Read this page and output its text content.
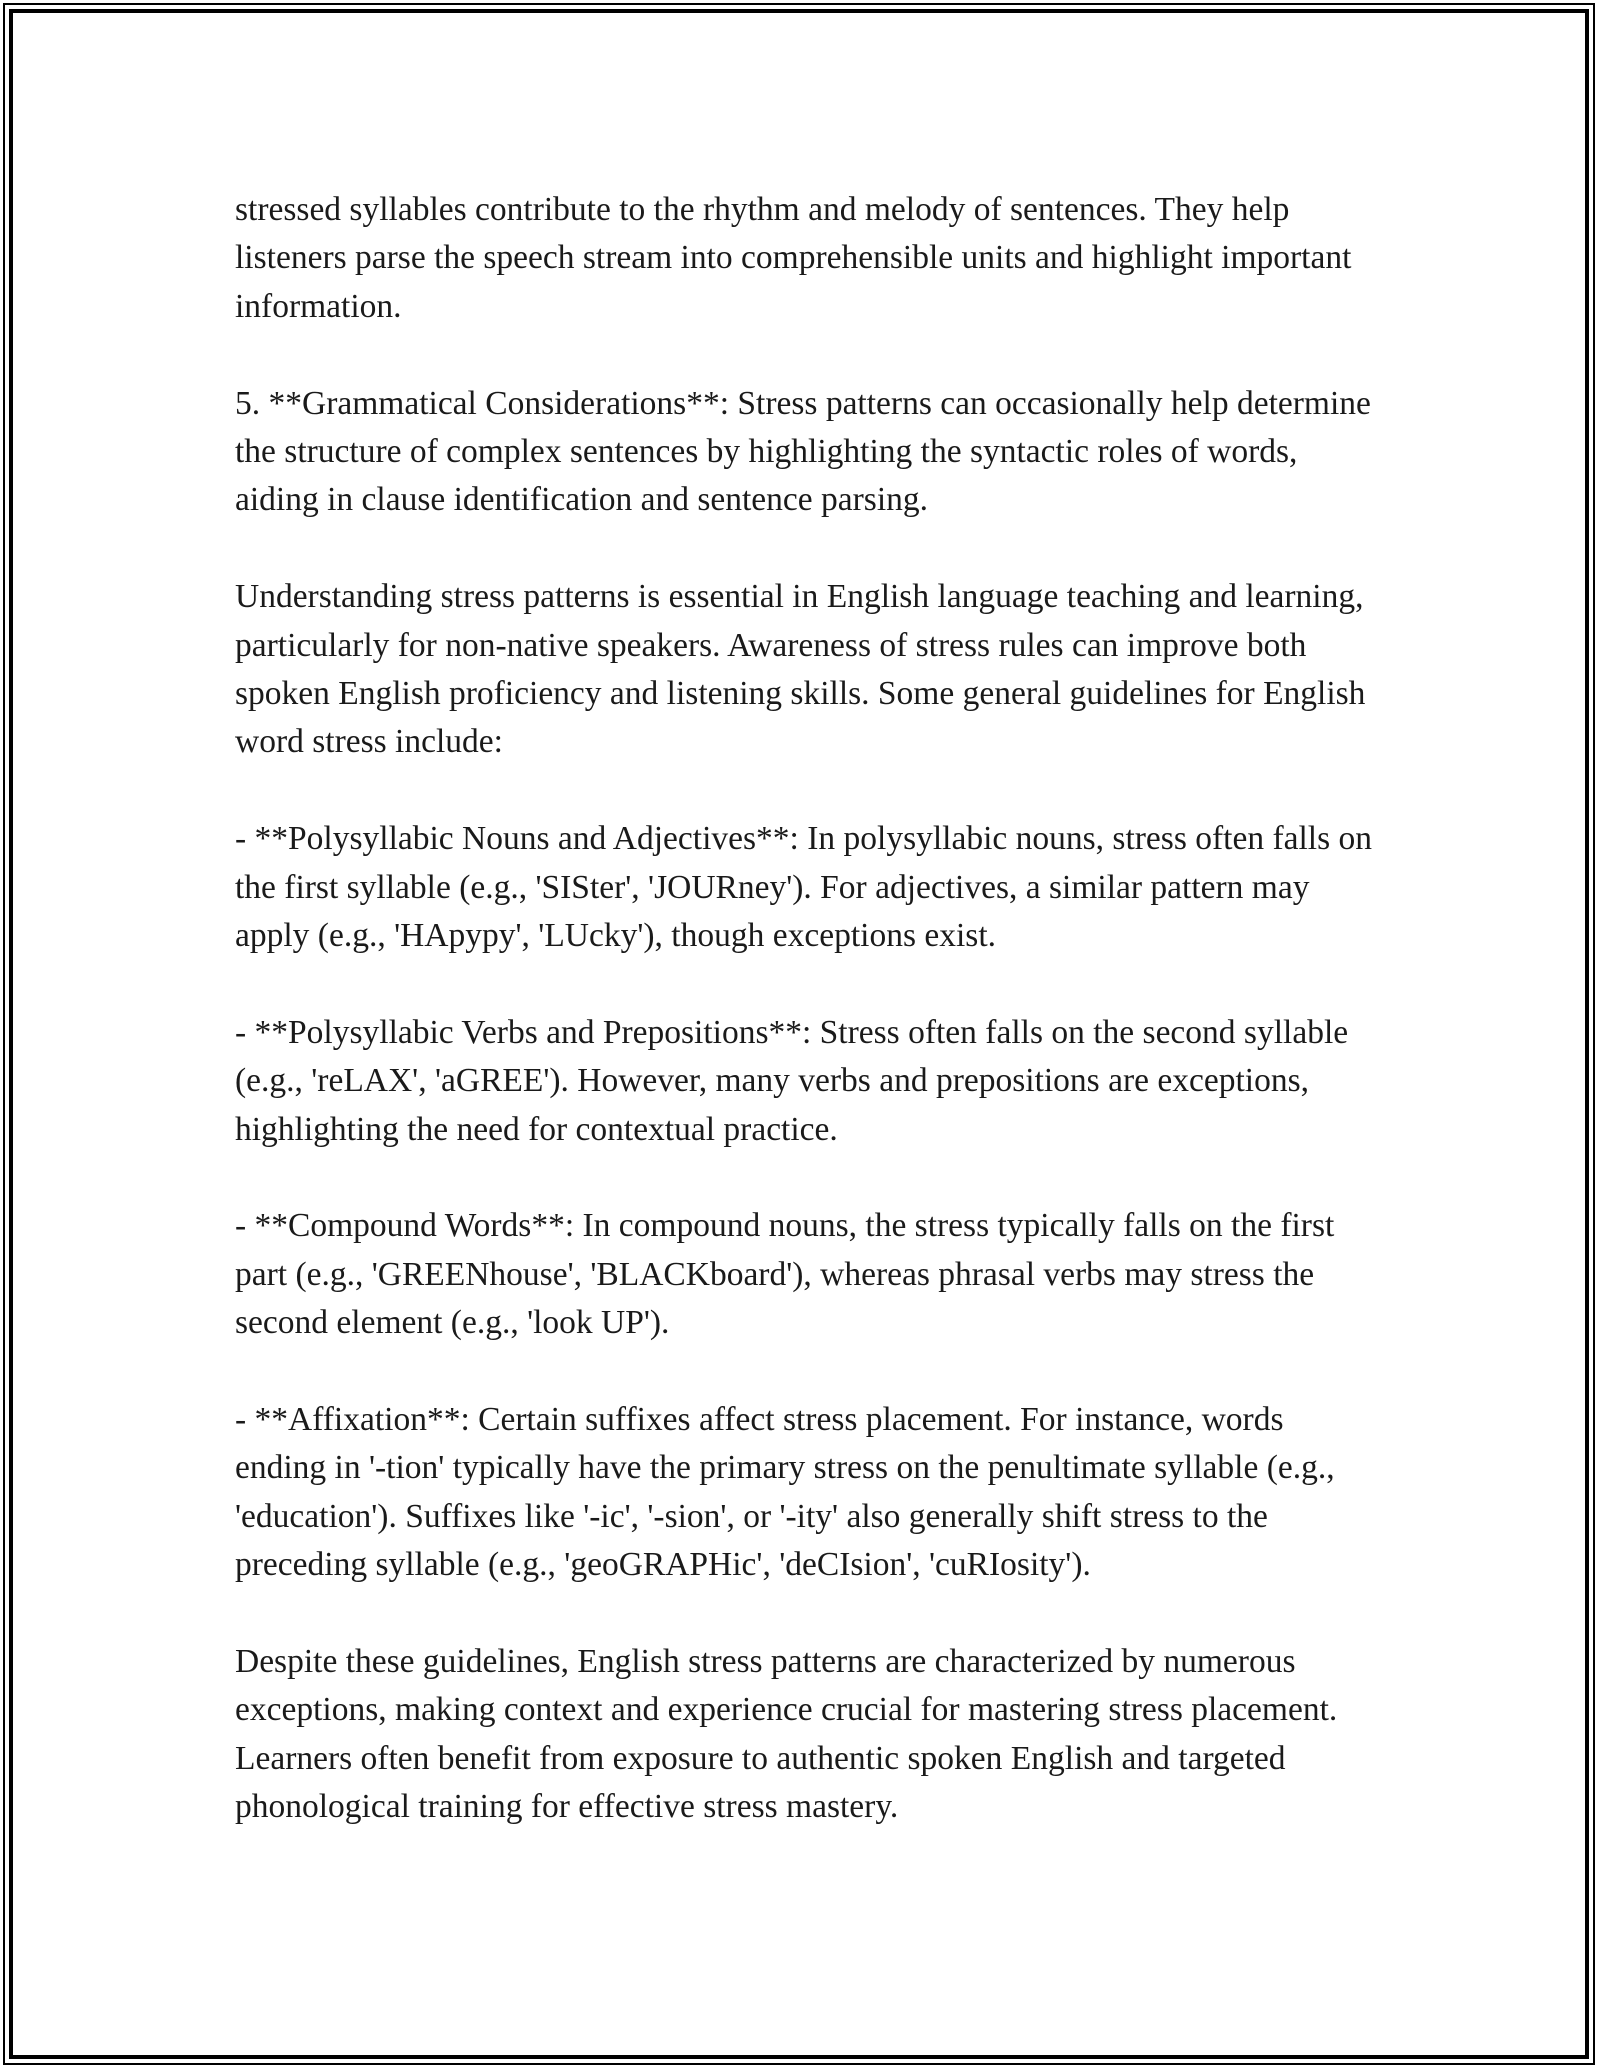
stressed syllables contribute to the rhythm and melody of sentences. They help listeners parse the speech stream into comprehensible units and highlight important information.

5. **Grammatical Considerations**: Stress patterns can occasionally help determine the structure of complex sentences by highlighting the syntactic roles of words, aiding in clause identification and sentence parsing.

Understanding stress patterns is essential in English language teaching and learning, particularly for non-native speakers. Awareness of stress rules can improve both spoken English proficiency and listening skills. Some general guidelines for English word stress include:

- **Polysyllabic Nouns and Adjectives**: In polysyllabic nouns, stress often falls on the first syllable (e.g., 'SISter', 'JOURney'). For adjectives, a similar pattern may apply (e.g., 'HApypy', 'LUcky'), though exceptions exist.

- **Polysyllabic Verbs and Prepositions**: Stress often falls on the second syllable (e.g., 'reLAX', 'aGREE'). However, many verbs and prepositions are exceptions, highlighting the need for contextual practice.

- **Compound Words**: In compound nouns, the stress typically falls on the first part (e.g., 'GREENhouse', 'BLACKboard'), whereas phrasal verbs may stress the second element (e.g., 'look UP').

- **Affixation**: Certain suffixes affect stress placement. For instance, words ending in '-tion' typically have the primary stress on the penultimate syllable (e.g., 'education'). Suffixes like '-ic', '-sion', or '-ity' also generally shift stress to the preceding syllable (e.g., 'geoGRAPHic', 'deCIsion', 'cuRIosity').

Despite these guidelines, English stress patterns are characterized by numerous exceptions, making context and experience crucial for mastering stress placement. Learners often benefit from exposure to authentic spoken English and targeted phonological training for effective stress mastery.
